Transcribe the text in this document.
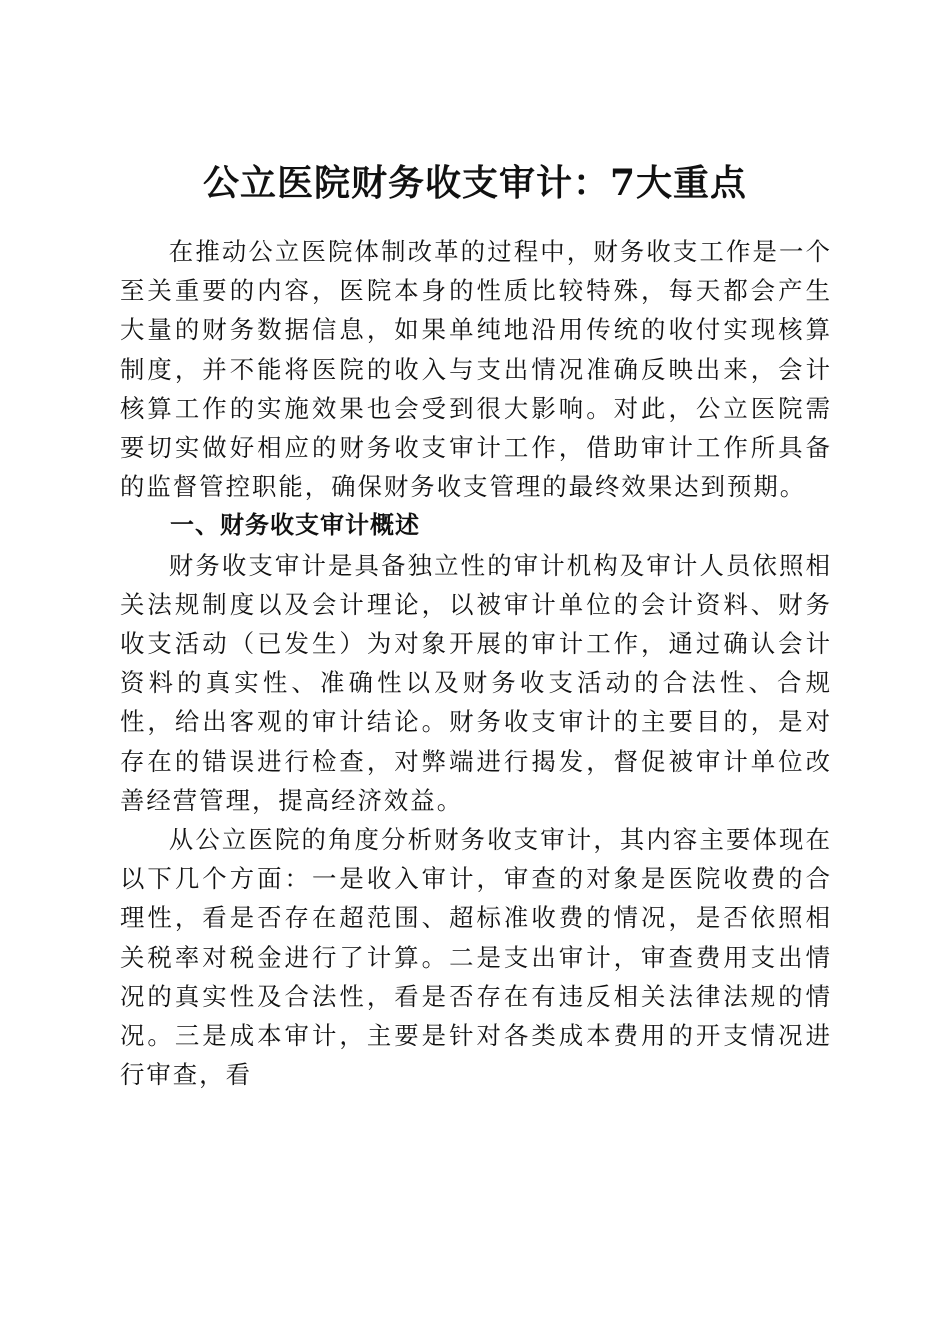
公立医院财务收支审计：7大重点

在推动公立医院体制改革的过程中，财务收支工作是一个至关重要的内容，医院本身的性质比较特殊，每天都会产生大量的财务数据信息，如果单纯地沿用传统的收付实现核算制度，并不能将医院的收入与支出情况准确反映出来，会计核算工作的实施效果也会受到很大影响。对此，公立医院需要切实做好相应的财务收支审计工作，借助审计工作所具备的监督管控职能，确保财务收支管理的最终效果达到预期。

一、财务收支审计概述

财务收支审计是具备独立性的审计机构及审计人员依照相关法规制度以及会计理论，以被审计单位的会计资料、财务收支活动（已发生）为对象开展的审计工作，通过确认会计资料的真实性、准确性以及财务收支活动的合法性、合规性，给出客观的审计结论。财务收支审计的主要目的，是对存在的错误进行检查，对弊端进行揭发，督促被审计单位改善经营管理，提高经济效益。

从公立医院的角度分析财务收支审计，其内容主要体现在以下几个方面：一是收入审计，审查的对象是医院收费的合理性，看是否存在超范围、超标准收费的情况，是否依照相关税率对税金进行了计算。二是支出审计，审查费用支出情况的真实性及合法性，看是否存在有违反相关法律法规的情况。三是成本审计，主要是针对各类成本费用的开支情况进行审查，看
